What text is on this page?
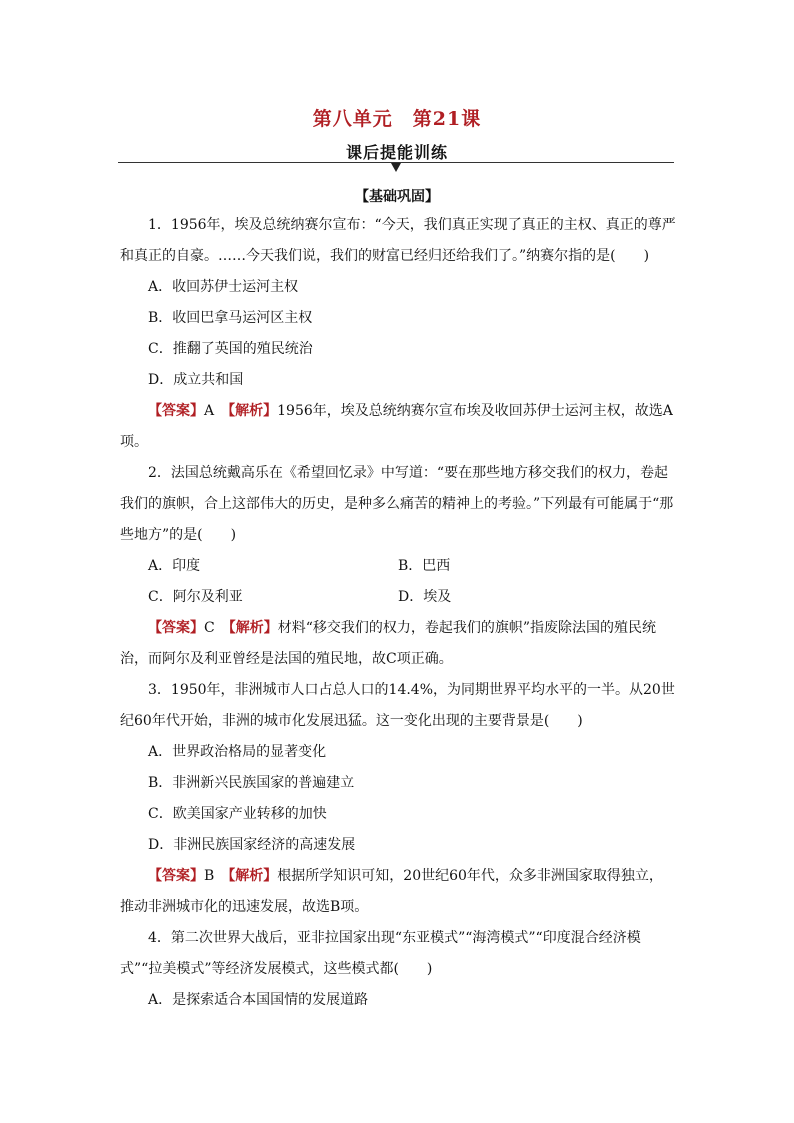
第八单元　第21课
课后提能训练
【基础巩固】

1．1956年，埃及总统纳赛尔宣布：“今天，我们真正实现了真正的主权、真正的尊严和真正的自豪。……今天我们说，我们的财富已经归还给我们了。”纳赛尔指的是(　　)

A．收回苏伊士运河主权

B．收回巴拿马运河区主权

C．推翻了英国的殖民统治

D．成立共和国

【答案】A　 【解析】1956年，埃及总统纳赛尔宣布埃及收回苏伊士运河主权，故选A项。

2．法国总统戴高乐在《希望回忆录》中写道：“要在那些地方移交我们的权力，卷起我们的旗帜，合上这部伟大的历史，是种多么痛苦的精神上的考验。”下列最有可能属于“那些地方”的是(　　)

A．印度	B．巴西

C．阿尔及利亚	D．埃及

【答案】C　 【解析】材料“移交我们的权力，卷起我们的旗帜”指废除法国的殖民统治，而阿尔及利亚曾经是法国的殖民地，故C项正确。

3．1950年，非洲城市人口占总人口的14.4%，为同期世界平均水平的一半。从20世纪60年代开始，非洲的城市化发展迅猛。这一变化出现的主要背景是(　　)

A．世界政治格局的显著变化

B．非洲新兴民族国家的普遍建立

C．欧美国家产业转移的加快

D．非洲民族国家经济的高速发展

【答案】B　 【解析】根据所学知识可知，20世纪60年代，众多非洲国家取得独立，推动非洲城市化的迅速发展，故选B项。

4．第二次世界大战后，亚非拉国家出现“东亚模式”“海湾模式”“印度混合经济模式”“拉美模式”等经济发展模式，这些模式都(　　)

A．是探索适合本国国情的发展道路
